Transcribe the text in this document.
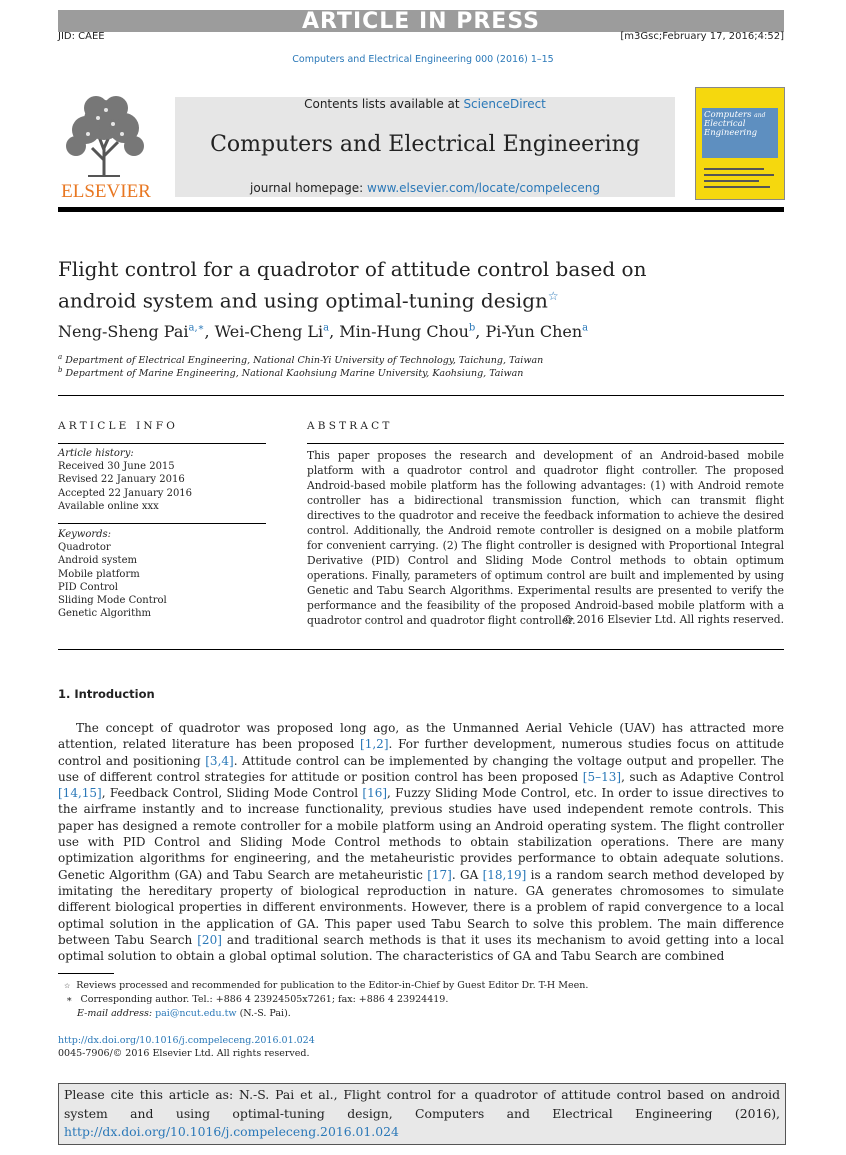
ARTICLE IN PRESS
JID: CAEE	[m3Gsc;February 17, 2016;4:52]
Computers and Electrical Engineering 000 (2016) 1–15
ELSEVIER
Contents lists available at ScienceDirect
Computers and Electrical Engineering
journal homepage: www.elsevier.com/locate/compeleceng
Computers and
Electrical Engineering
Flight control for a quadrotor of attitude control based on
android system and using optimal-tuning design☆
Neng-Sheng Pai$^{a,∗}$, Wei-Cheng Li$^a$, Min-Hung Chou$^b$, Pi-Yun Chen$^a$
$^a$ Department of Electrical Engineering, National Chin-Yi University of Technology, Taichung, Taiwan
$^b$ Department of Marine Engineering, National Kaohsiung Marine University, Kaohsiung, Taiwan
ARTICLE INFO
Article history:
Received 30 June 2015
Revised 22 January 2016
Accepted 22 January 2016
Available online xxx
Keywords:
Quadrotor
Android system
Mobile platform
PID Control
Sliding Mode Control
Genetic Algorithm
ABSTRACT
This paper proposes the research and development of an Android-based mobile platform with a quadrotor control and quadrotor flight controller. The proposed Android-based mobile platform has the following advantages: (1) with Android remote controller has a bidirectional transmission function, which can transmit flight directives to the quadrotor and receive the feedback information to achieve the desired control. Additionally, the Android remote controller is designed on a mobile platform for convenient carrying. (2) The flight controller is designed with Proportional Integral Derivative (PID) Control and Sliding Mode Control methods to obtain optimum operations. Finally, parameters of optimum control are built and implemented by using Genetic and Tabu Search Algorithms. Experimental results are presented to verify the performance and the feasibility of the proposed Android-based mobile platform with a quadrotor control and quadrotor flight controller.
© 2016 Elsevier Ltd. All rights reserved.
1. Introduction
The concept of quadrotor was proposed long ago, as the Unmanned Aerial Vehicle (UAV) has attracted more attention, related literature has been proposed [1,2]. For further development, numerous studies focus on attitude control and positioning [3,4]. Attitude control can be implemented by changing the voltage output and propeller. The use of different control strategies for attitude or position control has been proposed [5–13], such as Adaptive Control [14,15], Feedback Control, Sliding Mode Control [16], Fuzzy Sliding Mode Control, etc. In order to issue directives to the airframe instantly and to increase functionality, previous studies have used independent remote controls. This paper has designed a remote controller for a mobile platform using an Android operating system. The flight controller use with PID Control and Sliding Mode Control methods to obtain stabilization operations. There are many optimization algorithms for engineering, and the metaheuristic provides performance to obtain adequate solutions. Genetic Algorithm (GA) and Tabu Search are metaheuristic [17]. GA [18,19] is a random search method developed by imitating the hereditary property of biological reproduction in nature. GA generates chromosomes to simulate different biological properties in different environments. However, there is a problem of rapid convergence to a local optimal solution in the application of GA. This paper used Tabu Search to solve this problem. The main difference between Tabu Search [20] and traditional search methods is that it uses its mechanism to avoid getting into a local optimal solution to obtain a global optimal solution. The characteristics of GA and Tabu Search are combined
☆ Reviews processed and recommended for publication to the Editor-in-Chief by Guest Editor Dr. T-H Meen.
∗ Corresponding author. Tel.: +886 4 23924505x7261; fax: +886 4 23924419.
E-mail address: pai@ncut.edu.tw (N.-S. Pai).
http://dx.doi.org/10.1016/j.compeleceng.2016.01.024
0045-7906/© 2016 Elsevier Ltd. All rights reserved.
Please cite this article as: N.-S. Pai et al., Flight control for a quadrotor of attitude control based on android system and using optimal-tuning design, Computers and Electrical Engineering (2016), http://dx.doi.org/10.1016/j.compeleceng.2016.01.024
